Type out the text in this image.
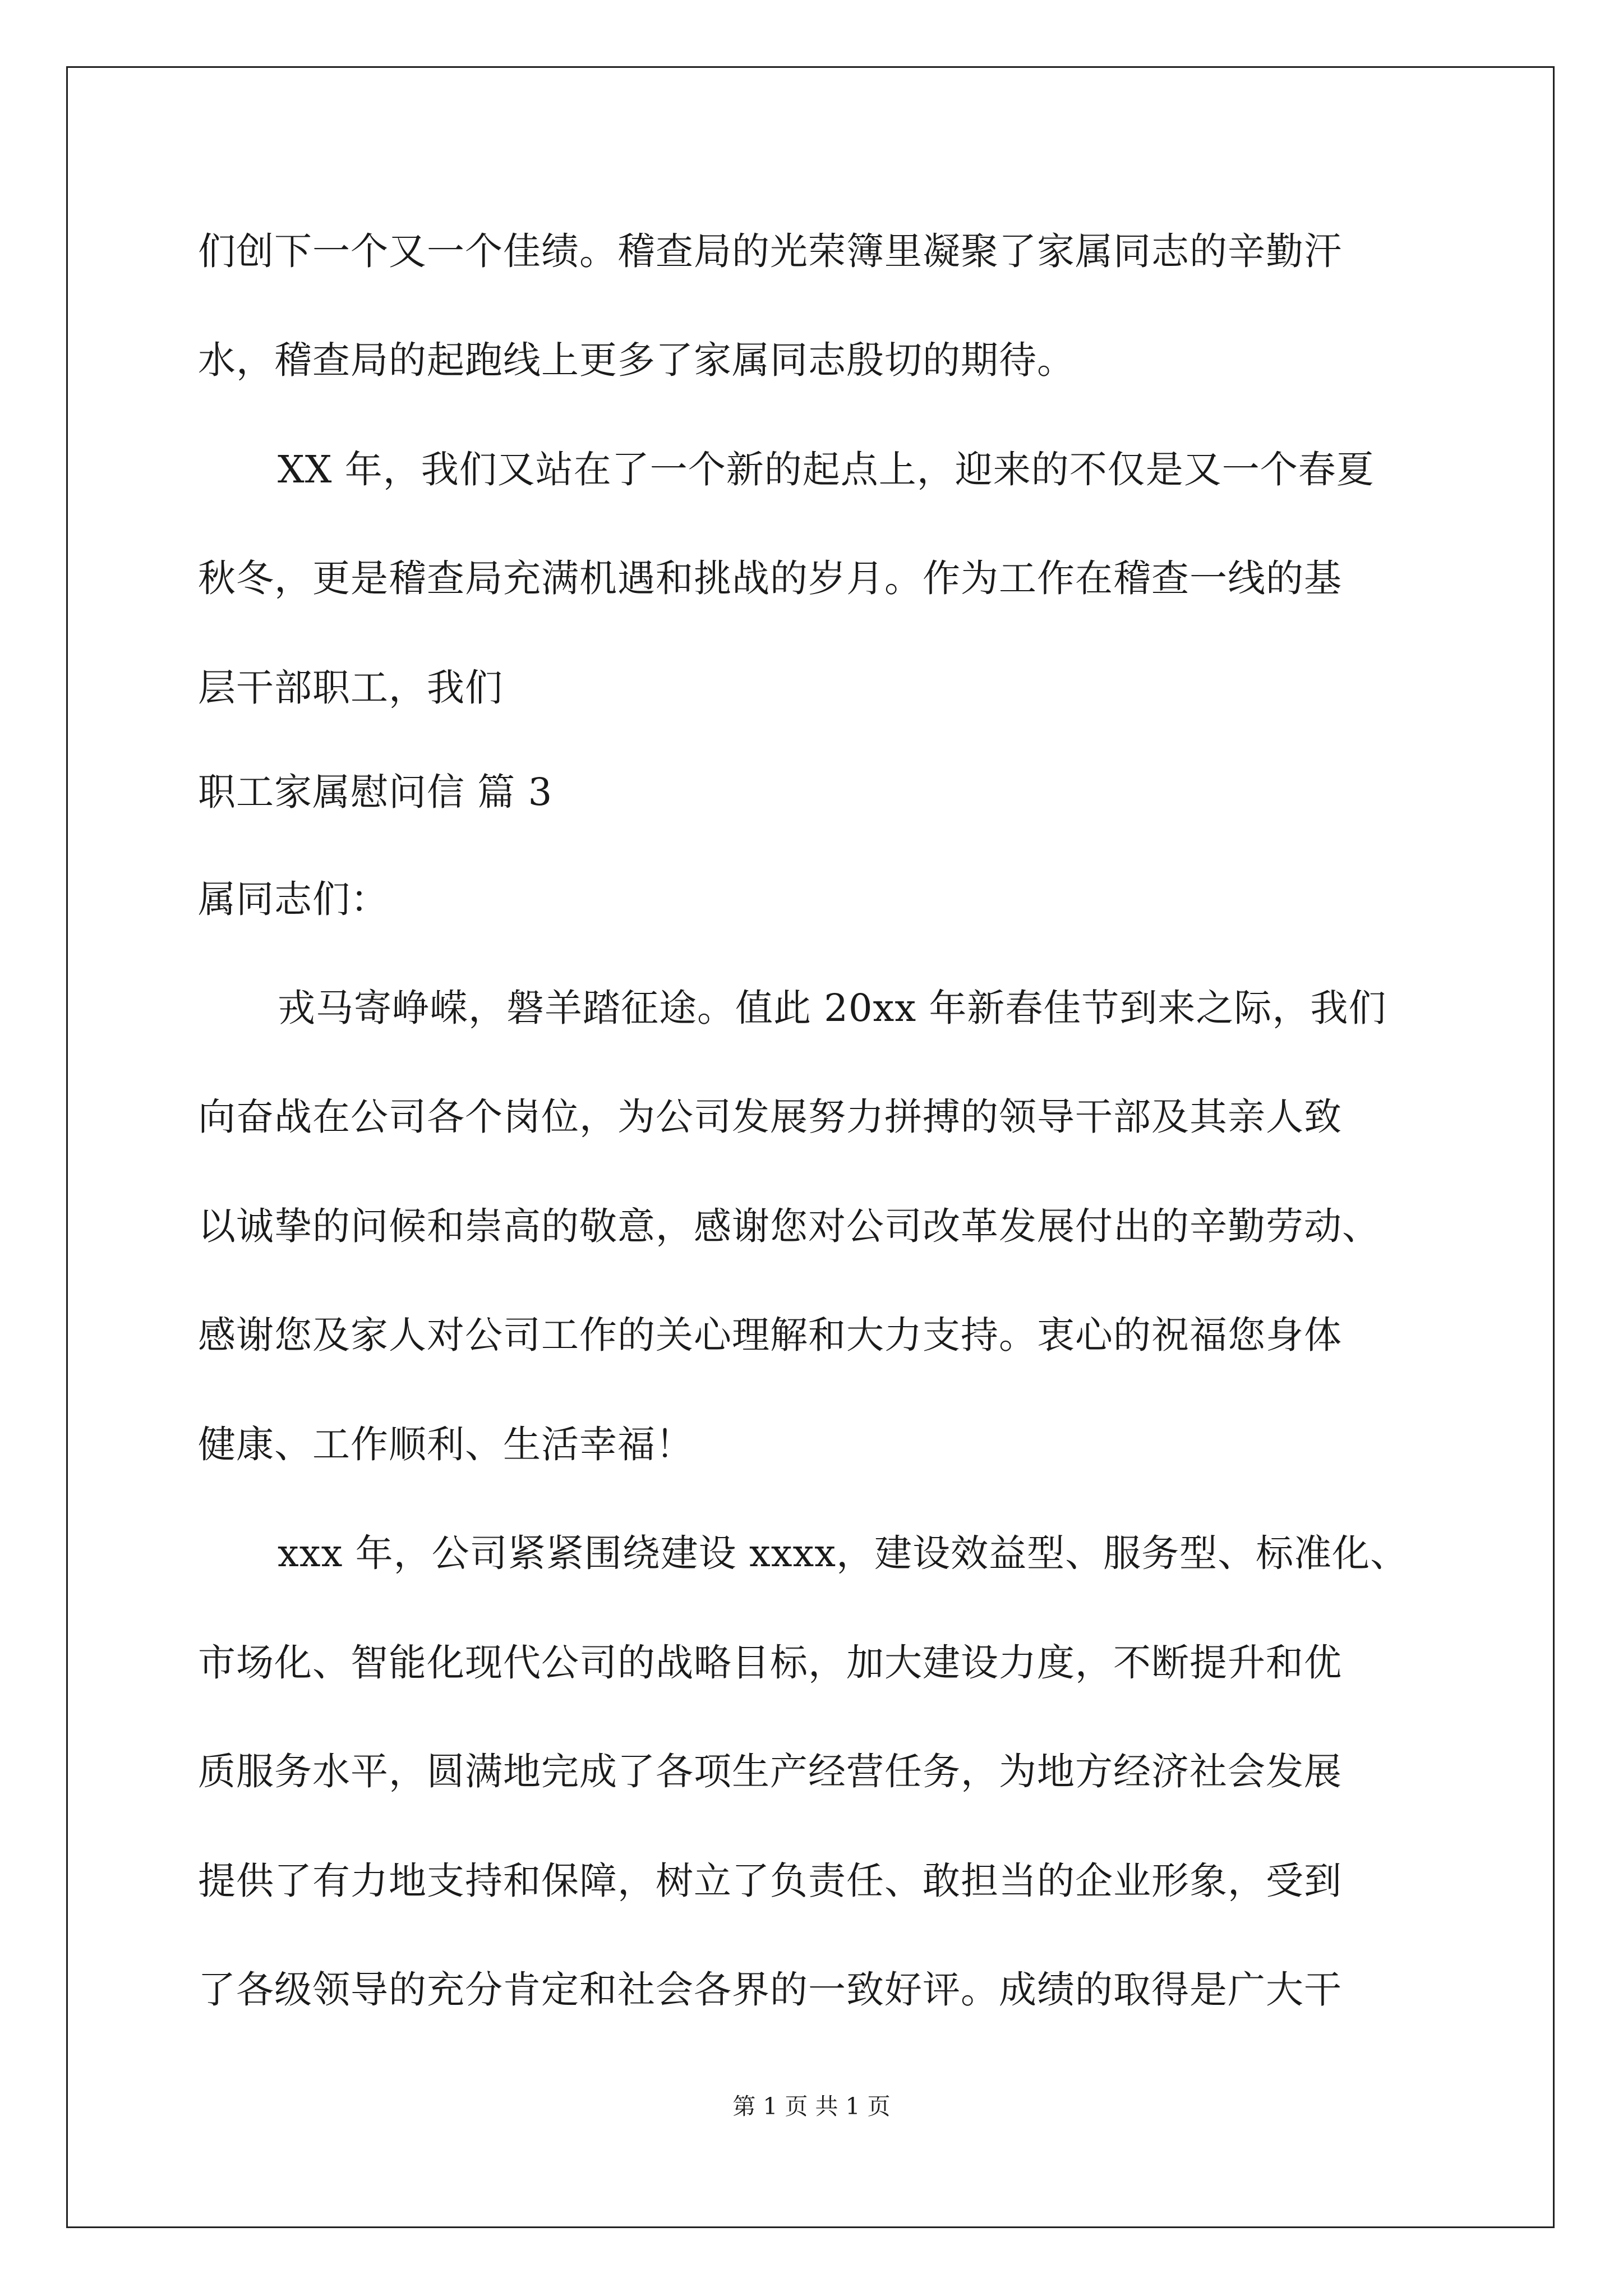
们创下一个又一个佳绩。稽查局的光荣簿里凝聚了家属同志的辛勤汗
水，稽查局的起跑线上更多了家属同志殷切的期待。
XX 年，我们又站在了一个新的起点上，迎来的不仅是又一个春夏
秋冬，更是稽查局充满机遇和挑战的岁月。作为工作在稽查一线的基
层干部职工，我们
职工家属慰问信 篇 3
属同志们：
戎马寄峥嵘，磐羊踏征途。值此 20xx 年新春佳节到来之际，我们
向奋战在公司各个岗位，为公司发展努力拼搏的领导干部及其亲人致
以诚挚的问候和崇高的敬意，感谢您对公司改革发展付出的辛勤劳动、
感谢您及家人对公司工作的关心理解和大力支持。衷心的祝福您身体
健康、工作顺利、生活幸福！
xxx 年，公司紧紧围绕建设 xxxx，建设效益型、服务型、标准化、
市场化、智能化现代公司的战略目标，加大建设力度，不断提升和优
质服务水平，圆满地完成了各项生产经营任务，为地方经济社会发展
提供了有力地支持和保障，树立了负责任、敢担当的企业形象，受到
了各级领导的充分肯定和社会各界的一致好评。成绩的取得是广大干
第 1 页 共 1 页
